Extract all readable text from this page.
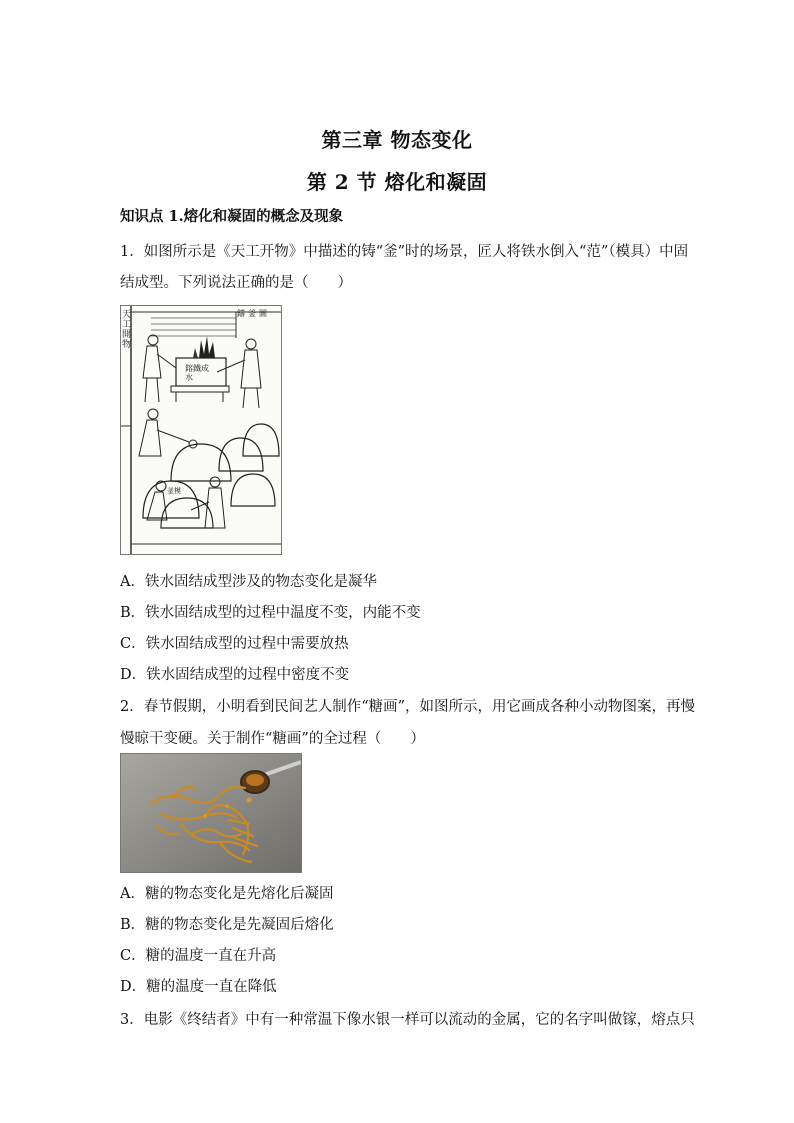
第三章 物态变化
第 2 节 熔化和凝固
知识点 1.熔化和凝固的概念及现象
1．如图所示是《天工开物》中描述的铸“釜”时的场景，匠人将铁水倒入“范”（模具）中固
结成型。下列说法正确的是（　　）
天工開物
鑄釜圖
鎔鐵成水
釜模
A．铁水固结成型涉及的物态变化是凝华
B．铁水固结成型的过程中温度不变，内能不变
C．铁水固结成型的过程中需要放热
D．铁水固结成型的过程中密度不变
2．春节假期，小明看到民间艺人制作“糖画”，如图所示，用它画成各种小动物图案，再慢
慢晾干变硬。关于制作“糖画”的全过程（　　）
A．糖的物态变化是先熔化后凝固
B．糖的物态变化是先凝固后熔化
C．糖的温度一直在升高
D．糖的温度一直在降低
3．电影《终结者》中有一种常温下像水银一样可以流动的金属，它的名字叫做镓，熔点只
